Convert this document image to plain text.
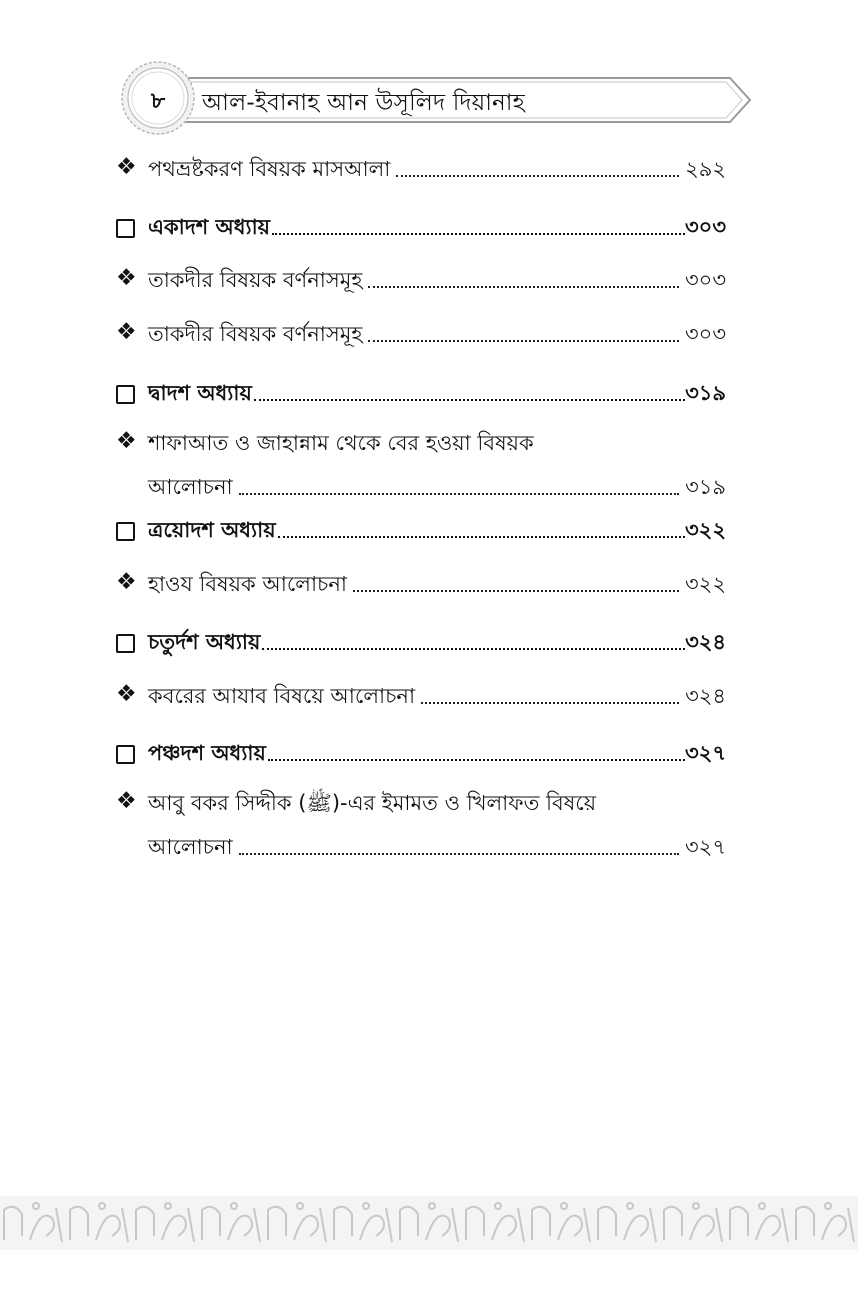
৮	আল-ইবানাহ আন উসূলিদ দিয়ানাহ
❖ পথভ্রষ্টকরণ বিষয়ক মাসআলা	২৯২
একাদশ অধ্যায়	৩০৩
❖ তাকদীর বিষয়ক বর্ণনাসমূহ	৩০৩
❖ তাকদীর বিষয়ক বর্ণনাসমূহ	৩০৩
দ্বাদশ অধ্যায়	৩১৯
❖ শাফাআত ও জাহান্নাম থেকে বের হওয়া বিষয়ক
আলোচনা	৩১৯
ত্রয়োদশ অধ্যায়	৩২২
❖ হাওয বিষয়ক আলোচনা	৩২২
চতুর্দশ অধ্যায়	৩২৪
❖ কবরের আযাব বিষয়ে আলোচনা	৩২৪
পঞ্চদশ অধ্যায়	৩২৭
❖ আবু বকর সিদ্দীক (ﷺ)-এর ইমামত ও খিলাফত বিষয়ে
আলোচনা	৩২৭
